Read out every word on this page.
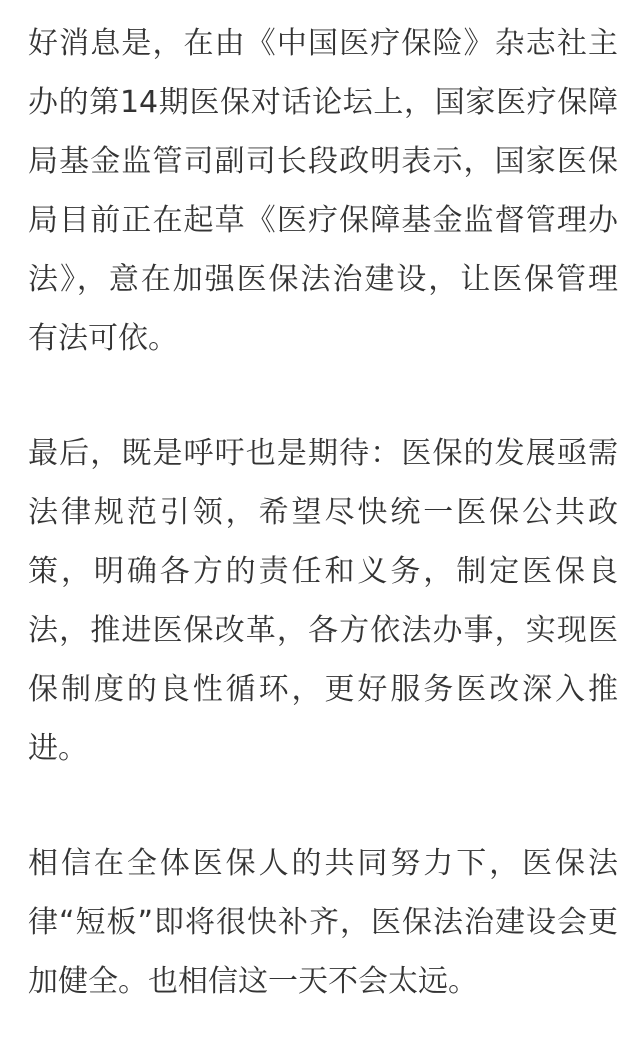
好消息是，在由《中国医疗保险》杂志社主
办的第14期医保对话论坛上，国家医疗保障
局基金监管司副司长段政明表示，国家医保
局目前正在起草《医疗保障基金监督管理办
法》，意在加强医保法治建设，让医保管理
有法可依。
最后，既是呼吁也是期待：医保的发展亟需
法律规范引领，希望尽快统一医保公共政
策，明确各方的责任和义务，制定医保良
法，推进医保改革，各方依法办事，实现医
保制度的良性循环，更好服务医改深入推
进。
相信在全体医保人的共同努力下，医保法
律“短板”即将很快补齐，医保法治建设会更
加健全。也相信这一天不会太远。
